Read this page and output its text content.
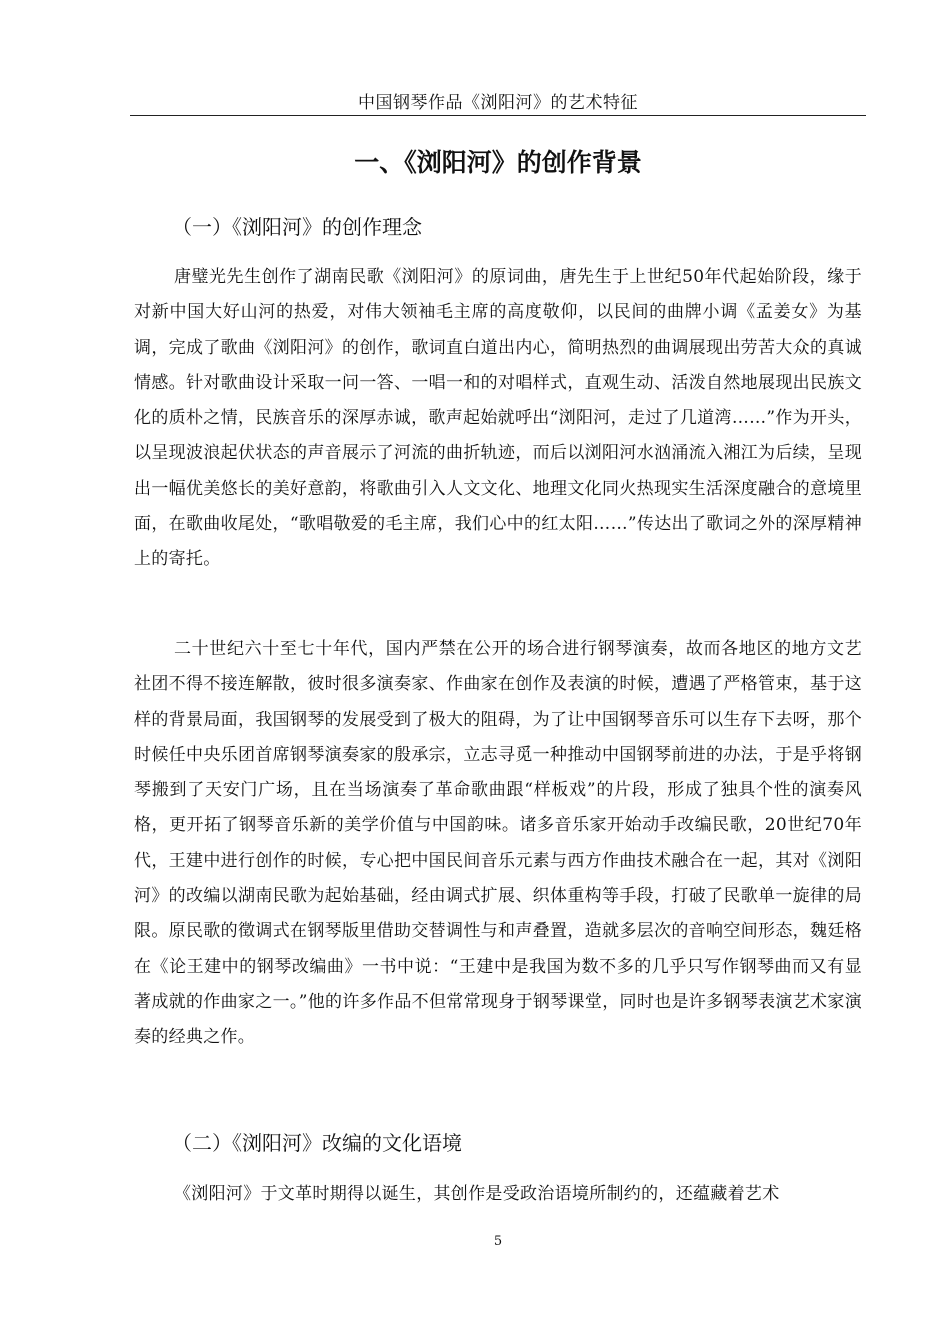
中国钢琴作品《浏阳河》的艺术特征
一、《浏阳河》的创作背景
（一）《浏阳河》的创作理念

唐璧光先生创作了湖南民歌《浏阳河》的原词曲，唐先生于上世纪50年代起始阶段，缘于对新中国大好山河的热爱，对伟大领袖毛主席的高度敬仰，以民间的曲牌小调《孟姜女》为基调，完成了歌曲《浏阳河》的创作，歌词直白道出内心，简明热烈的曲调展现出劳苦大众的真诚情感。针对歌曲设计采取一问一答、一唱一和的对唱样式，直观生动、活泼自然地展现出民族文化的质朴之情，民族音乐的深厚赤诚，歌声起始就呼出“浏阳河，走过了几道湾……”作为开头，以呈现波浪起伏状态的声音展示了河流的曲折轨迹，而后以浏阳河水汹涌流入湘江为后续，呈现出一幅优美悠长的美好意韵，将歌曲引入人文文化、地理文化同火热现实生活深度融合的意境里面，在歌曲收尾处，“歌唱敬爱的毛主席，我们心中的红太阳……”传达出了歌词之外的深厚精神上的寄托。

二十世纪六十至七十年代，国内严禁在公开的场合进行钢琴演奏，故而各地区的地方文艺社团不得不接连解散，彼时很多演奏家、作曲家在创作及表演的时候，遭遇了严格管束，基于这样的背景局面，我国钢琴的发展受到了极大的阻碍，为了让中国钢琴音乐可以生存下去呀，那个时候任中央乐团首席钢琴演奏家的殷承宗，立志寻觅一种推动中国钢琴前进的办法，于是乎将钢琴搬到了天安门广场，且在当场演奏了革命歌曲跟“样板戏”的片段，形成了独具个性的演奏风格，更开拓了钢琴音乐新的美学价值与中国韵味。诸多音乐家开始动手改编民歌，20世纪70年代，王建中进行创作的时候，专心把中国民间音乐元素与西方作曲技术融合在一起，其对《浏阳河》的改编以湖南民歌为起始基础，经由调式扩展、织体重构等手段，打破了民歌单一旋律的局限。原民歌的徵调式在钢琴版里借助交替调性与和声叠置，造就多层次的音响空间形态，魏廷格在《论王建中的钢琴改编曲》一书中说：“王建中是我国为数不多的几乎只写作钢琴曲而又有显著成就的作曲家之一。”他的许多作品不但常常现身于钢琴课堂，同时也是许多钢琴表演艺术家演奏的经典之作。

（二）《浏阳河》改编的文化语境

《浏阳河》于文革时期得以诞生，其创作是受政治语境所制约的，还蕴藏着艺术

5
